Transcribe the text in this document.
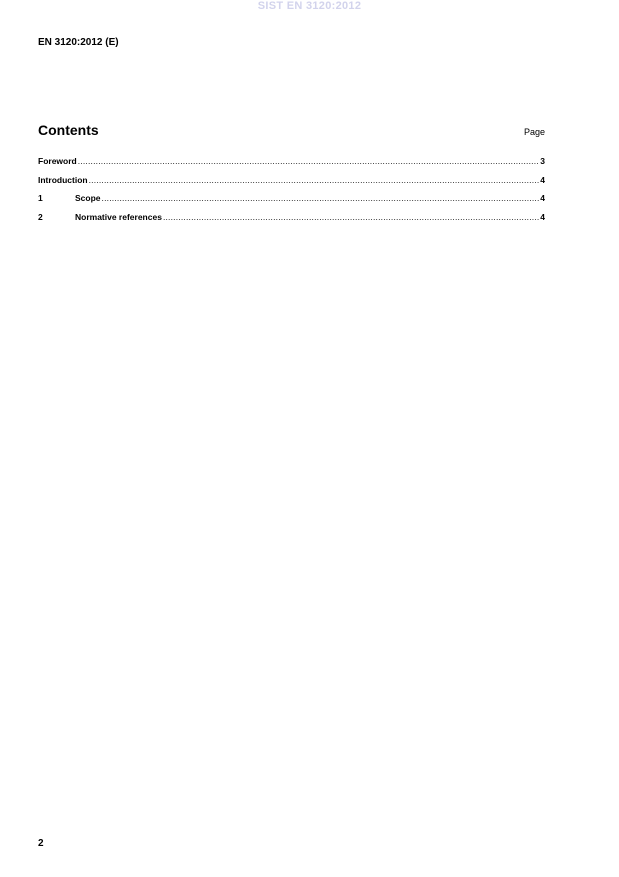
SIST EN 3120:2012
EN 3120:2012 (E)
Contents	Page
Foreword .....	3
Introduction .....	4
1	Scope .....	4
2	Normative references .....	4
2
